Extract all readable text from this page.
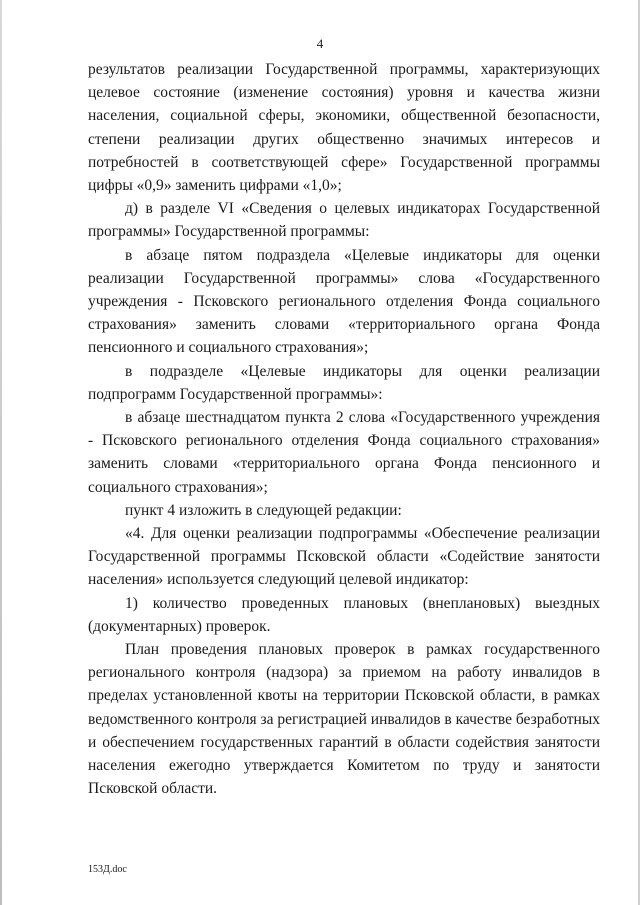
4

результатов реализации Государственной программы, характеризующих целевое состояние (изменение состояния) уровня и качества жизни населения, социальной сферы, экономики, общественной безопасности, степени реализации других общественно значимых интересов и потребностей в соответствующей сфере» Государственной программы цифры «0,9» заменить цифрами «1,0»;

д) в разделе VI «Сведения о целевых индикаторах Государственной программы» Государственной программы:

в абзаце пятом подраздела «Целевые индикаторы для оценки реализации Государственной программы» слова «Государственного учреждения - Псковского регионального отделения Фонда социального страхования» заменить словами «территориального органа Фонда пенсионного и социального страхования»;

в подразделе «Целевые индикаторы для оценки реализации подпрограмм Государственной программы»:

в абзаце шестнадцатом пункта 2 слова «Государственного учреждения - Псковского регионального отделения Фонда социального страхования» заменить словами «территориального органа Фонда пенсионного и социального страхования»;

пункт 4 изложить в следующей редакции:

«4. Для оценки реализации подпрограммы «Обеспечение реализации Государственной программы Псковской области «Содействие занятости населения» используется следующий целевой индикатор:

1) количество проведенных плановых (внеплановых) выездных (документарных) проверок.

План проведения плановых проверок в рамках государственного регионального контроля (надзора) за приемом на работу инвалидов в пределах установленной квоты на территории Псковской области, в рамках ведомственного контроля за регистрацией инвалидов в качестве безработных и обеспечением государственных гарантий в области содействия занятости населения ежегодно утверждается Комитетом по труду и занятости Псковской области.

153Д.doc
